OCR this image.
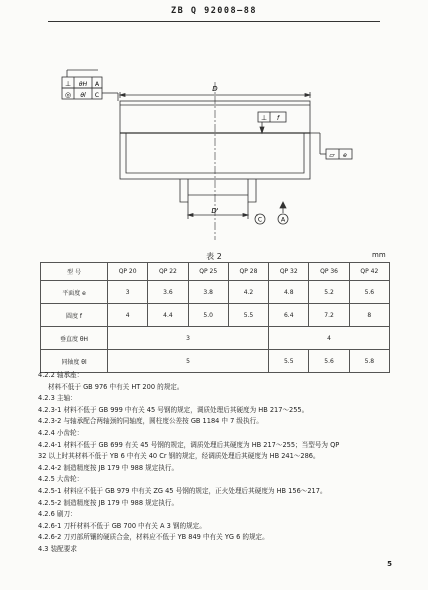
ZB Q 92008—88
⊥ θH A
◎ θl C
D
D'
⊥ f
▱ e
C	A
表 2	mm
型 号	QP 20	QP 22	QP 25	QP 28	QP 32	QP 36	QP 42
平面度 e	3	3.6	3.8	4.2	4.8	5.2	5.6
圆度 f	4	4.4	5.0	5.5	6.4	7.2	8
垂直度 θH	3				4		
同轴度 θl	5				5.5	5.6	5.8
4.2.2 轴承座：
材料不低于 GB 976 中有关 HT 200 的规定。
4.2.3 主轴：
4.2.3-1 材料不低于 GB 999 中有关 45 号钢的规定，调质处理后其硬度为 HB 217～255。
4.2.3-2 与轴承配合两轴颈的同轴度，圆柱度公差按 GB 1184 中 7 级执行。
4.2.4 小齿轮：
4.2.4-1 材料不低于 GB 699 有关 45 号钢的规定，调质处理后其硬度为 HB 217～255；当型号为 QP
32 以上时其材料不低于 YB 6 中有关 40 Cr 钢的规定，经调质处理后其硬度为 HB 241～286。
4.2.4-2 制造精度按 JB 179 中 988 规定执行。
4.2.5 大齿轮：
4.2.5-1 材料应不低于 GB 979 中有关 ZG 45 号钢的规定，正火处理后其硬度为 HB 156～217。
4.2.5-2 制造精度按 JB 179 中 988 规定执行。
4.2.6 刷刀：
4.2.6-1 刀杆材料不低于 GB 700 中有关 A 3 钢的规定。
4.2.6-2 刀刃部所镶的硬质合金，材料应不低于 YB 849 中有关 YG 6 的规定。
4.3 装配要求
5
